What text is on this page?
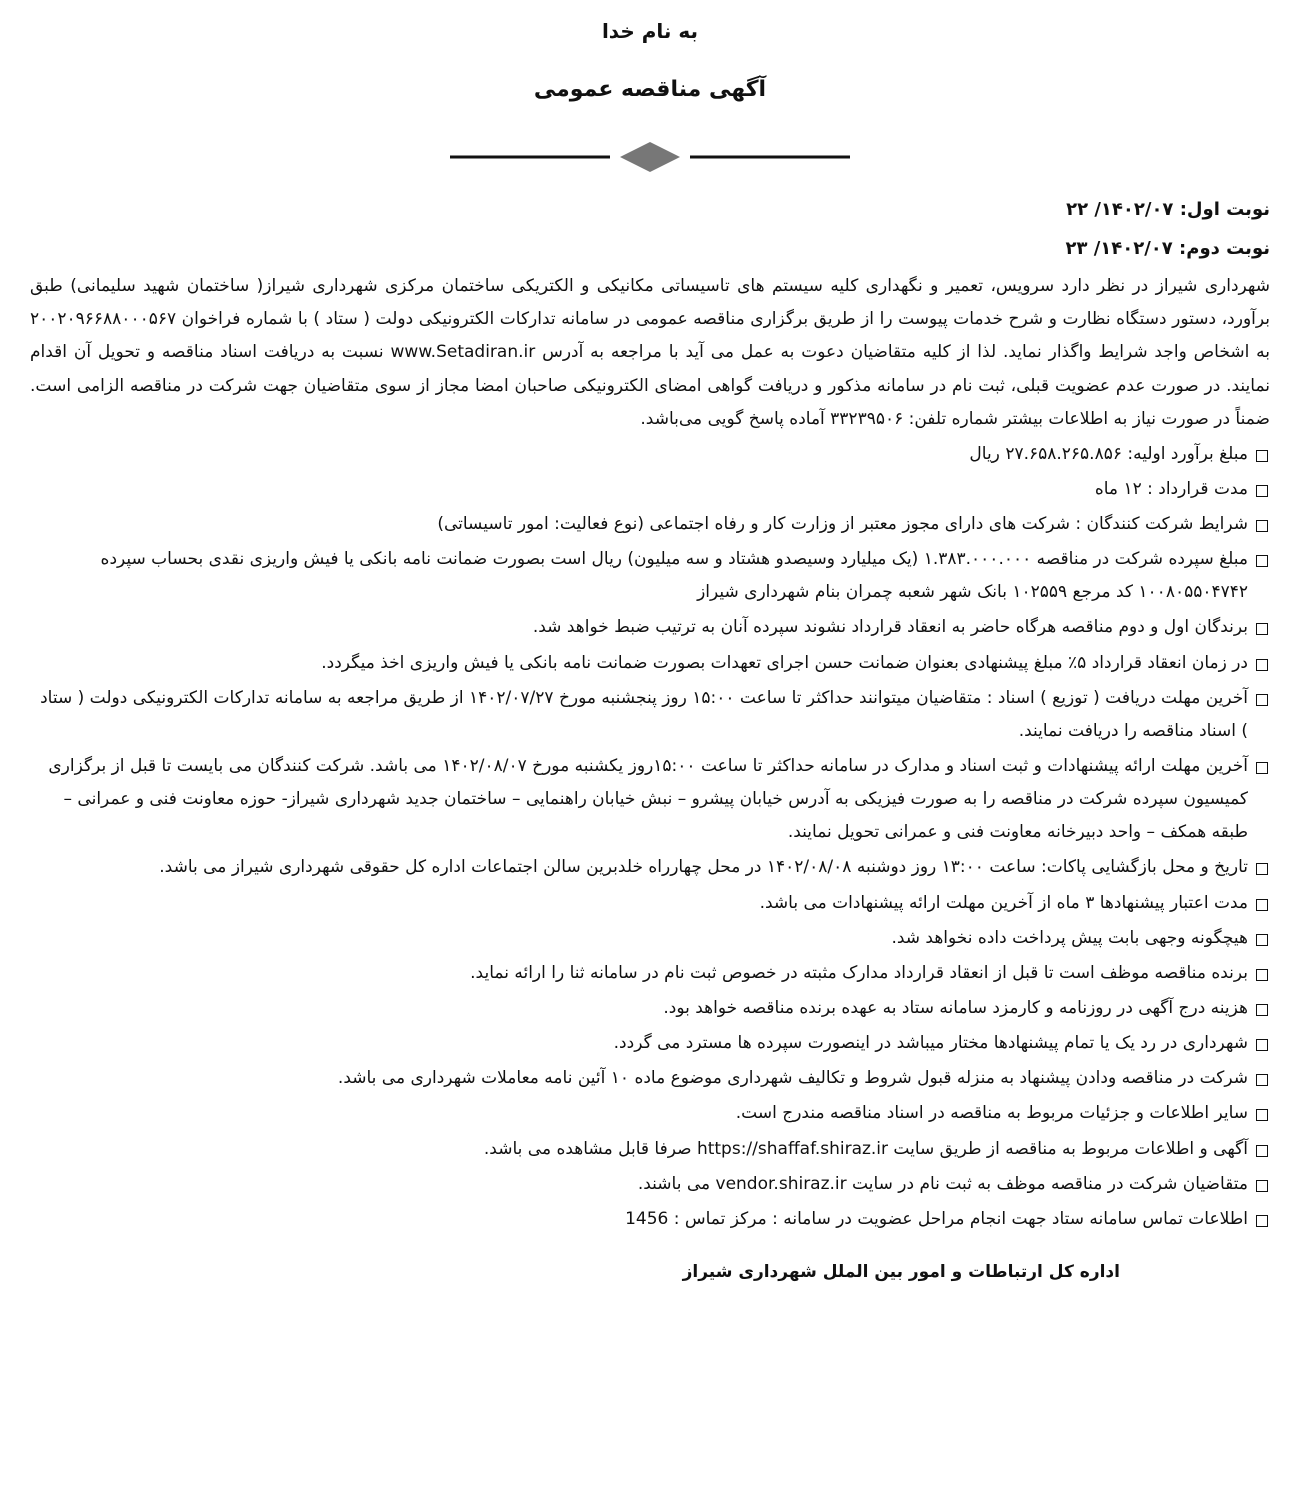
به نام خدا
آگهی مناقصه عمومی
نوبت اول: ۱۴۰۲/۰۷/ ۲۲
نوبت دوم: ۱۴۰۲/۰۷/ ۲۳
شهرداری شیراز در نظر دارد سرویس، تعمیر و نگهداری کلیه سیستم های تاسیساتی مکانیکی و الکتریکی ساختمان مرکزی شهرداری شیراز( ساختمان شهید سلیمانی) طبق برآورد، دستور دستگاه نظارت و شرح خدمات پیوست را از طریق برگزاری مناقصه عمومی در سامانه تدارکات الکترونیکی دولت ( ستاد ) با شماره فراخوان ۲۰۰۲۰۹۶۶۸۸۰۰۰۵۶۷ به اشخاص واجد شرایط واگذار نماید. لذا از کلیه متقاضیان دعوت به عمل می آید با مراجعه به آدرس www.Setadiran.ir نسبت به دریافت اسناد مناقصه و تحویل آن اقدام نمایند. در صورت عدم عضویت قبلی، ثبت نام در سامانه مذکور و دریافت گواهی امضای الکترونیکی صاحبان امضا مجاز از سوی متقاضیان جهت شرکت در مناقصه الزامی است. ضمناً در صورت نیاز به اطلاعات بیشتر شماره تلفن: ۳۳۲۳۹۵۰۶ آماده پاسخ گویی می‌باشد.
مبلغ برآورد اولیه: ۲۷.۶۵۸.۲۶۵.۸۵۶ ریال
مدت قرارداد : ۱۲ ماه
شرایط شرکت کنندگان : شرکت های دارای مجوز معتبر از وزارت کار و رفاه اجتماعی (نوع فعالیت: امور تاسیساتی)
مبلغ سپرده شرکت در مناقصه ۱.۳۸۳.۰۰۰.۰۰۰ (یک میلیارد وسیصدو هشتاد و سه میلیون) ریال است بصورت ضمانت نامه بانکی یا فیش واریزی نقدی بحساب سپرده ۱۰۰۸۰۵۵۰۴۷۴۲ کد مرجع ۱۰۲۵۵۹ بانک شهر شعبه چمران بنام شهرداری شیراز
برندگان اول و دوم مناقصه هرگاه حاضر به انعقاد قرارداد نشوند سپرده آنان به ترتیب ضبط خواهد شد.
در زمان انعقاد قرارداد ۵٪ مبلغ پیشنهادی بعنوان ضمانت حسن اجرای تعهدات بصورت ضمانت نامه بانکی یا فیش واریزی اخذ میگردد.
آخرین مهلت دریافت ( توزیع ) اسناد : متقاضیان میتوانند حداکثر تا ساعت ۱۵:۰۰ روز پنجشنبه مورخ ۱۴۰۲/۰۷/۲۷ از طریق مراجعه به سامانه تدارکات الکترونیکی دولت ( ستاد ) اسناد مناقصه را دریافت نمایند.
آخرین مهلت ارائه پیشنهادات و ثبت اسناد و مدارک در سامانه حداکثر تا ساعت ۱۵:۰۰روز یکشنبه مورخ ۱۴۰۲/۰۸/۰۷ می باشد. شرکت کنندگان می بایست تا قبل از برگزاری کمیسیون سپرده شرکت در مناقصه را به صورت فیزیکی به آدرس خیابان پیشرو – نبش خیابان راهنمایی – ساختمان جدید شهرداری شیراز- حوزه معاونت فنی و عمرانی – طبقه همکف – واحد دبیرخانه معاونت فنی و عمرانی تحویل نمایند.
تاریخ و محل بازگشایی پاکات: ساعت ۱۳:۰۰ روز دوشنبه ۱۴۰۲/۰۸/۰۸ در محل چهارراه خلدبرین سالن اجتماعات اداره کل حقوقی شهرداری شیراز می باشد.
مدت اعتبار پیشنهادها ۳ ماه از آخرین مهلت ارائه پیشنهادات می باشد.
هیچگونه وجهی بابت پیش پرداخت داده نخواهد شد.
برنده مناقصه موظف است تا قبل از انعقاد قرارداد مدارک مثبته در خصوص ثبت نام در سامانه ثنا را ارائه نماید.
هزینه درج آگهی در روزنامه و کارمزد سامانه ستاد به عهده برنده مناقصه خواهد بود.
شهرداری در رد یک یا تمام پیشنهادها مختار میباشد در اینصورت سپرده ها مسترد می گردد.
شرکت در مناقصه ودادن پیشنهاد به منزله قبول شروط و تکالیف شهرداری موضوع ماده ۱۰ آئین نامه معاملات شهرداری می باشد.
سایر اطلاعات و جزئیات مربوط به مناقصه در اسناد مناقصه مندرج است.
آگهی و اطلاعات مربوط به مناقصه از طریق سایت https://shaffaf.shiraz.ir صرفا قابل مشاهده می باشد.
متقاضیان شرکت در مناقصه موظف به ثبت نام در سایت vendor.shiraz.ir می باشند.
اطلاعات تماس سامانه ستاد جهت انجام مراحل عضویت در سامانه : مرکز تماس : 1456
اداره کل ارتباطات و امور بین الملل شهرداری شیراز
